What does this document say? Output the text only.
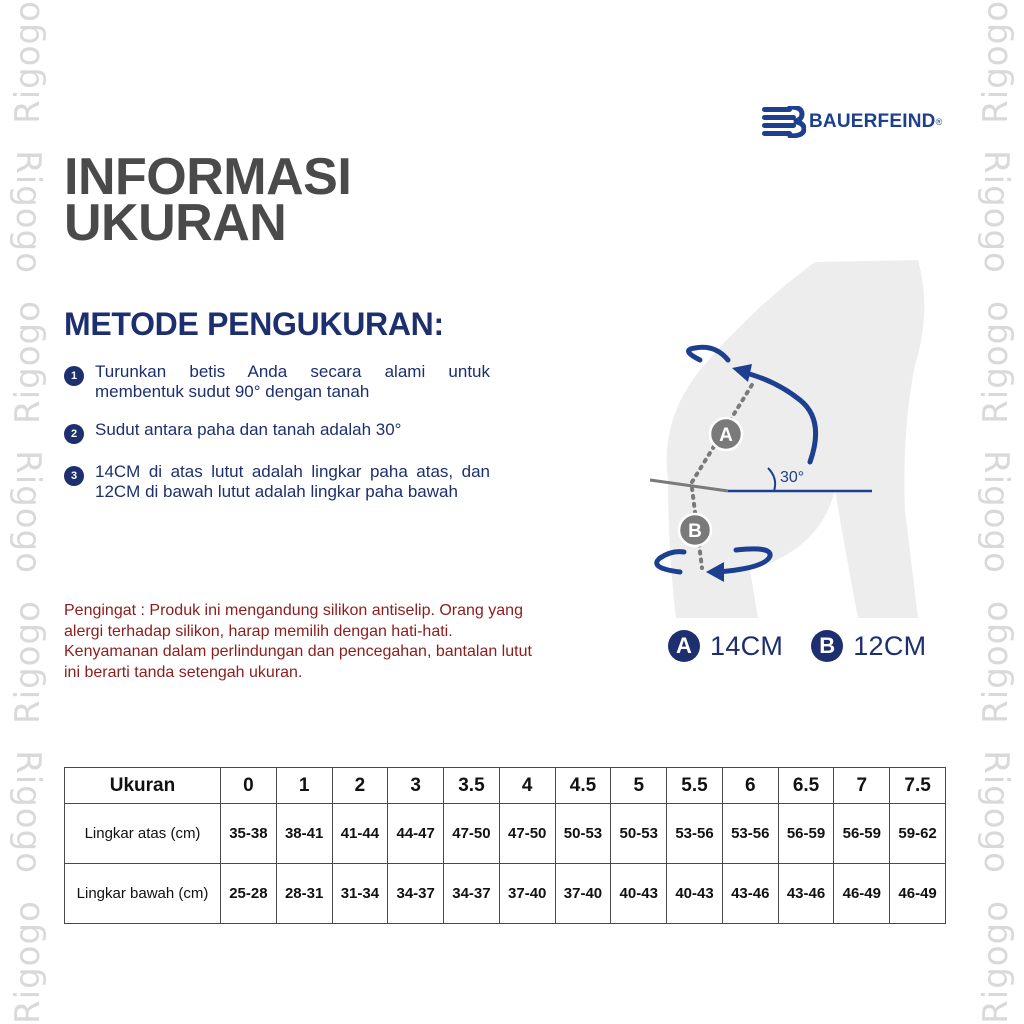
Rigogo
Rigogo
Rigogo
Rigogo
Rigogo
Rigogo
Rigogo	Rigogo
Rigogo
Rigogo
Rigogo
Rigogo
Rigogo
Rigogo
BAUERFEIND ®
INFORMASI
UKURAN
METODE PENGUKURAN:
1	Turunkan betis Anda secara alami untuk membentuk sudut 90° dengan tanah
2	Sudut antara paha dan tanah adalah 30°
3	14CM di atas lutut adalah lingkar paha atas, dan 12CM di bawah lutut adalah lingkar paha bawah
Pengingat : Produk ini mengandung silikon antiselip. Orang yang alergi terhadap silikon, harap memilih dengan hati-hati. Kenyamanan dalam perlindungan dan pencegahan, bantalan lutut ini berarti tanda setengah ukuran.
30°
A
B
A 14CM	B 12CM
Ukuran	0	1	2	3	3.5	4	4.5	5	5.5	6	6.5	7	7.5
Lingkar atas (cm)	35-38	38-41	41-44	44-47	47-50	47-50	50-53	50-53	53-56	53-56	56-59	56-59	59-62
Lingkar bawah (cm)	25-28	28-31	31-34	34-37	34-37	37-40	37-40	40-43	40-43	43-46	43-46	46-49	46-49
